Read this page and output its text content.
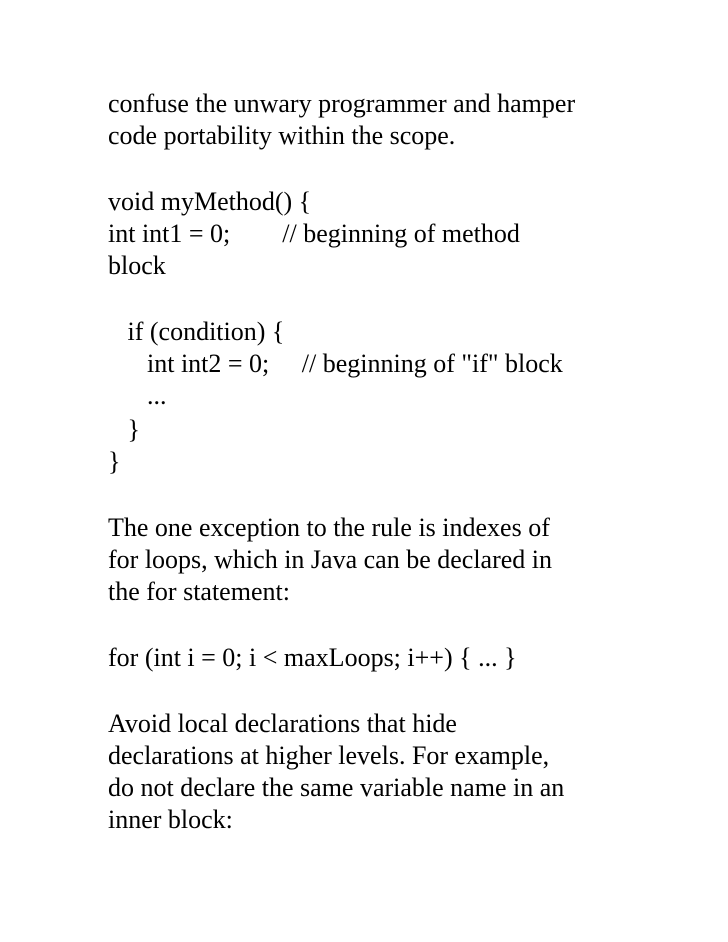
confuse the unwary programmer and hamper
code portability within the scope.
void myMethod() {
int int1 = 0;        // beginning of method
block
if (condition) {
int int2 = 0;     // beginning of "if" block
...
}
}
The one exception to the rule is indexes of
for loops, which in Java can be declared in
the for statement:
for (int i = 0; i < maxLoops; i++) { ... }
Avoid local declarations that hide
declarations at higher levels. For example,
do not declare the same variable name in an
inner block:
